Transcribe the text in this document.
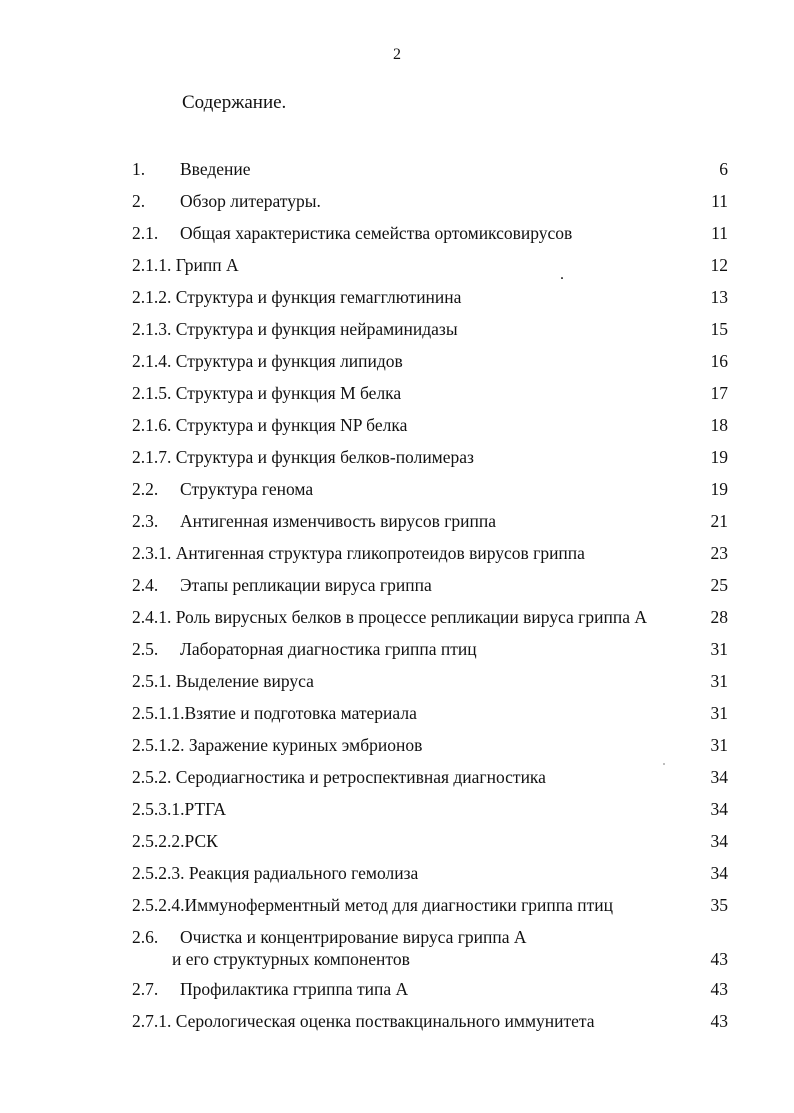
2
Содержание.
1. Введение	6
2. Обзор литературы.	11
2.1. Общая характеристика семейства ортомиксовирусов	11
2.1.1. Грипп А	12
2.1.2. Структура и функция гемагглютинина	13
2.1.3. Структура и функция нейраминидазы	15
2.1.4. Структура и функция липидов	16
2.1.5. Структура и функция М белка	17
2.1.6. Структура и функция NP белка	18
2.1.7. Структура и функция белков-полимераз	19
2.2. Структура генома	19
2.3. Антигенная изменчивость вирусов гриппа	21
2.3.1. Антигенная структура гликопротеидов вирусов гриппа	23
2.4. Этапы репликации вируса гриппа	25
2.4.1. Роль вирусных белков в процессе репликации вируса гриппа А	28
2.5. Лабораторная диагностика гриппа птиц	31
2.5.1. Выделение вируса	31
2.5.1.1.Взятие и подготовка материала	31
2.5.1.2. Заражение куриных эмбрионов	31
2.5.2. Серодиагностика и ретроспективная диагностика	34
2.5.3.1.РТГА	34
2.5.2.2.РСК	34
2.5.2.3. Реакция радиального гемолиза	34
2.5.2.4.Иммуноферментный метод для диагностики гриппа птиц	35
2.6. Очистка и концентрирование вируса гриппа А
и его структурных компонентов	43
2.7. Профилактика гтриппа типа А	43
2.7.1. Серологическая оценка поствакцинального иммунитета	43
.
